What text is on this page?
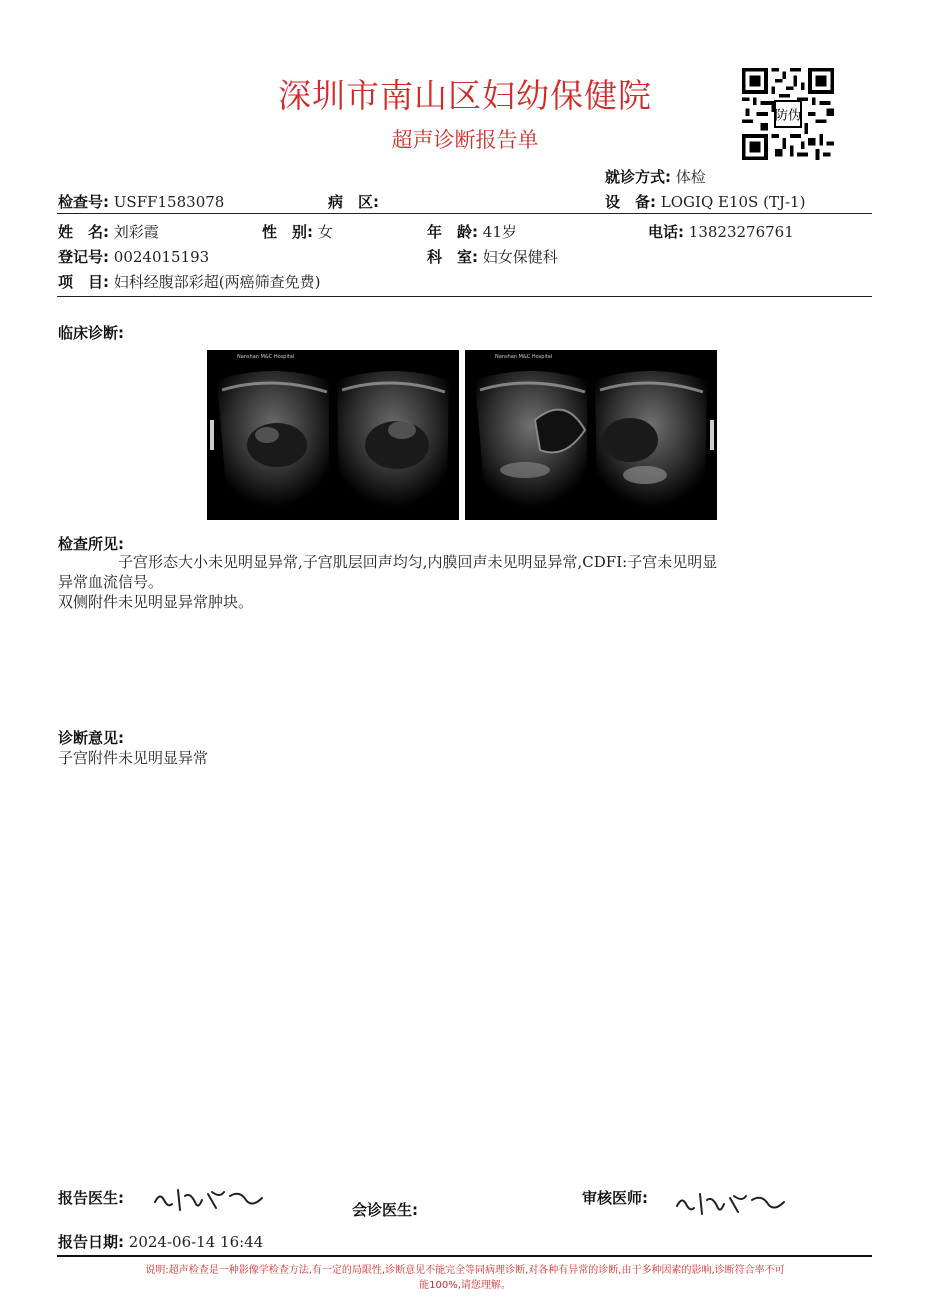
深圳市南山区妇幼保健院
超声诊断报告单
防伪
就诊方式: 体检
检查号: USFF1583078	病　区:	设　备: LOGIQ E10S (TJ-1)
姓　名: 刘彩霞	性　别: 女	年　龄: 41岁	电话: 13823276761
登记号: 0024015193	科　室: 妇女保健科
项　目: 妇科经腹部彩超(两癌筛查免费)
临床诊断:
Nanshan M&C Hospital	Nanshan M&C Hospital
检查所见:
子宫形态大小未见明显异常,子宫肌层回声均匀,内膜回声未见明显异常,CDFI:子宫未见明显
异常血流信号。
双侧附件未见明显异常肿块。
诊断意见:
子宫附件未见明显异常
报告医生:
会诊医生:
审核医师:
报告日期: 2024-06-14 16:44
说明:超声检查是一种影像学检查方法,有一定的局限性,诊断意见不能完全等同病理诊断,对各种有异常的诊断,由于多种因素的影响,诊断符合率不可
能100%,请您理解。
